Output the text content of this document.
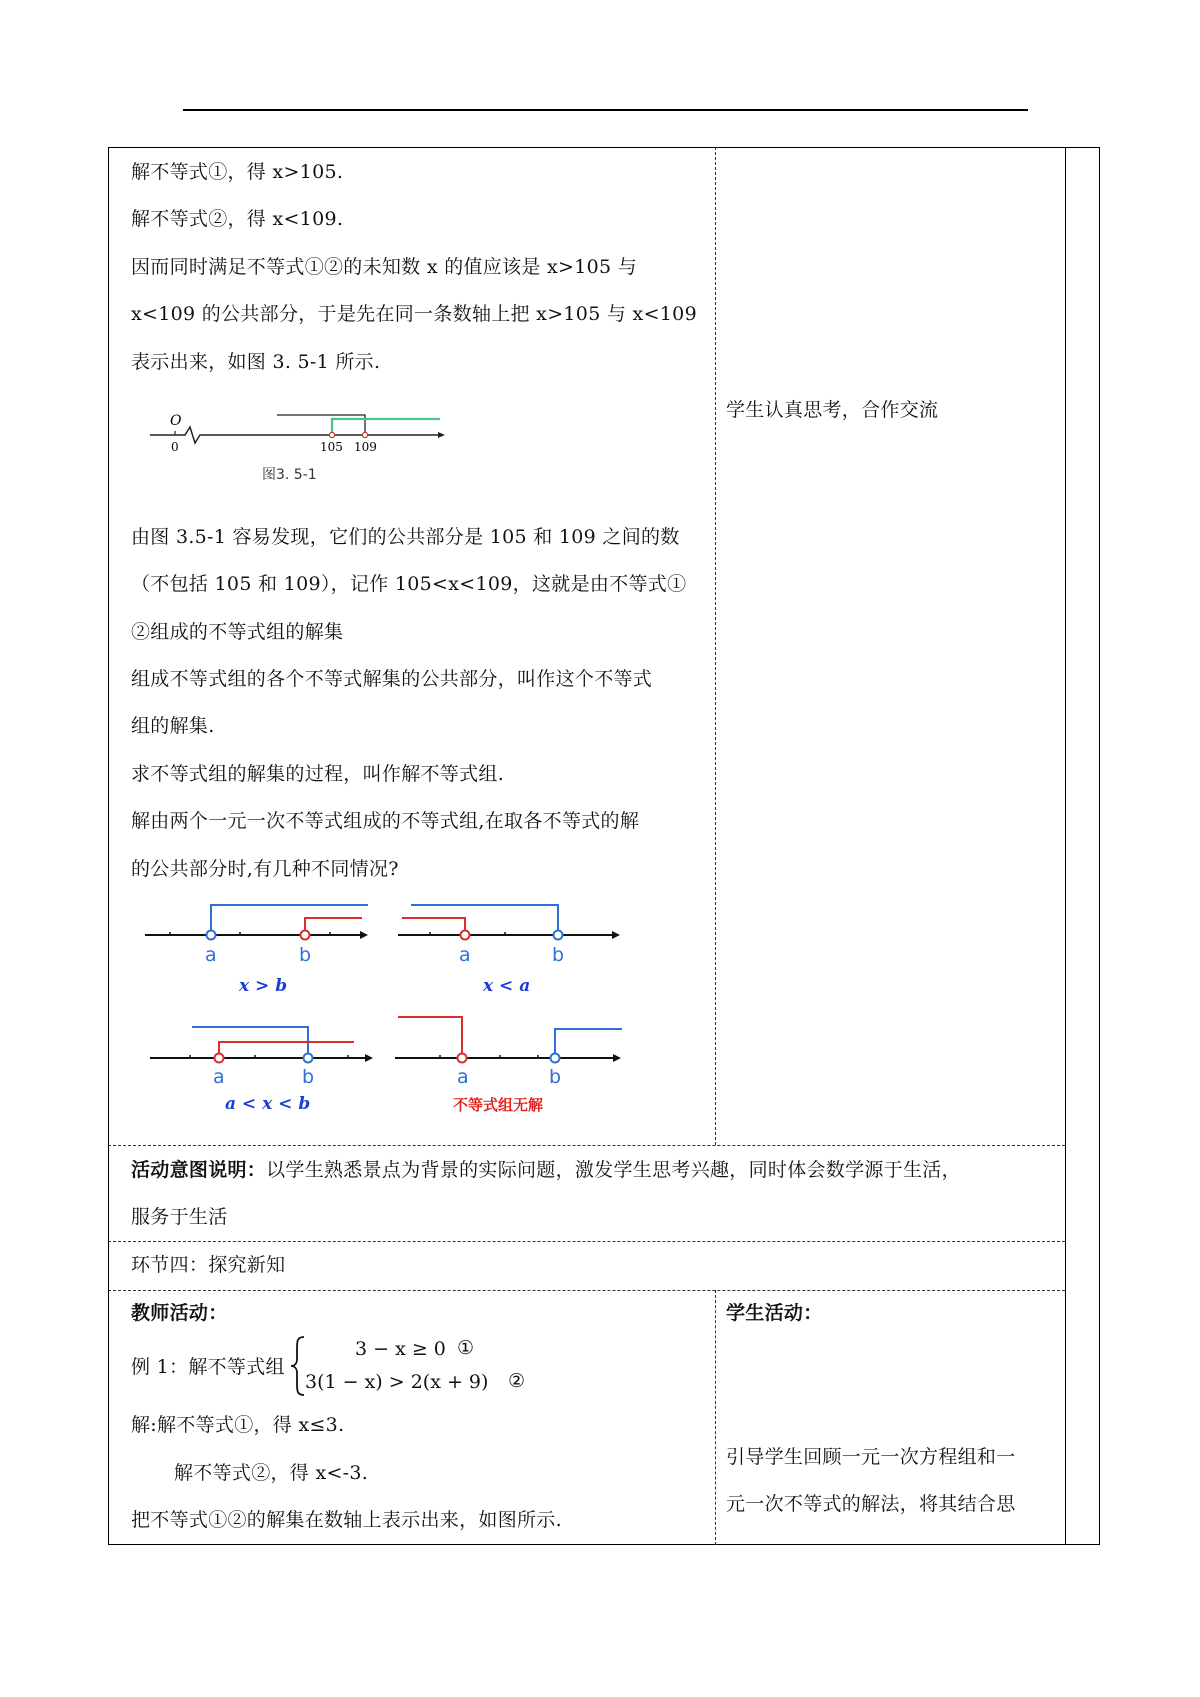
解不等式①，得 x>105.
解不等式②，得 x<109.
因而同时满足不等式①②的未知数 x 的值应该是 x>105 与
x<109 的公共部分，于是先在同一条数轴上把 x>105 与 x<109
表示出来，如图 3. 5-1 所示.
O
0	105 109
图3. 5-1
由图 3.5-1 容易发现，它们的公共部分是 105 和 109 之间的数
（不包括 105 和 109），记作 105<x<109，这就是由不等式①
②组成的不等式组的解集
组成不等式组的各个不等式解集的公共部分，叫作这个不等式
组的解集.
求不等式组的解集的过程，叫作解不等式组.
解由两个一元一次不等式组成的不等式组,在取各不等式的解
的公共部分时,有几种不同情况?
a	b
x > b
a	b
x < a
a	b
a < x < b
a	b
不等式组无解
学生认真思考，合作交流
活动意图说明：以学生熟悉景点为背景的实际问题，激发学生思考兴趣，同时体会数学源于生活，
服务于生活
环节四：探究新知
教师活动：	学生活动：
例 1：解不等式组
3 − x ≥ 0 ①
3(1 − x) > 2(x + 9) ②
解:解不等式①，得 x≤3.
解不等式②，得 x<-3.
把不等式①②的解集在数轴上表示出来，如图所示.
引导学生回顾一元一次方程组和一
元一次不等式的解法，将其结合思
